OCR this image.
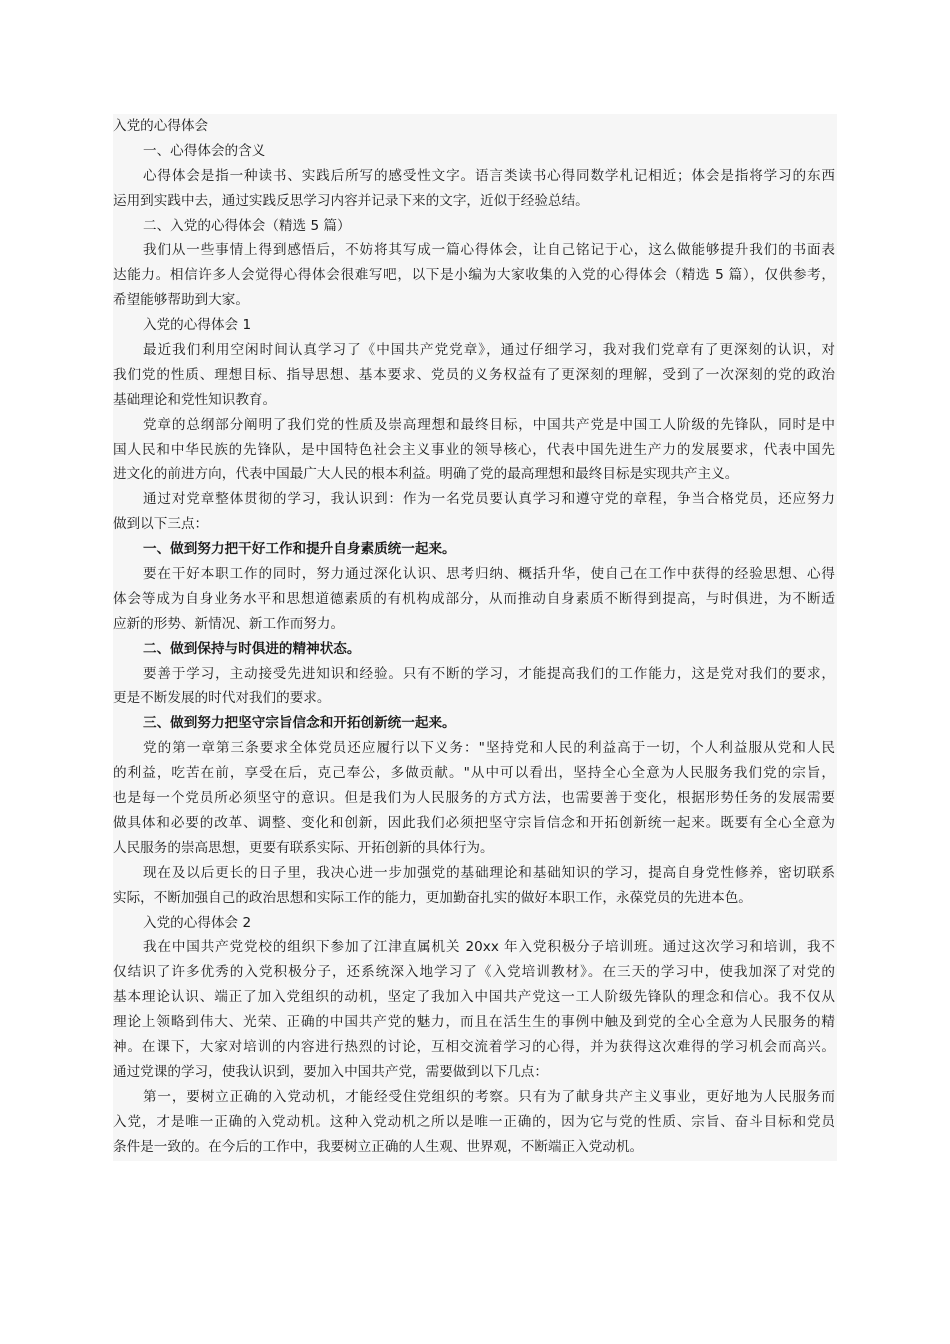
入党的心得体会
一、心得体会的含义
心得体会是指一种读书、实践后所写的感受性文字。语言类读书心得同数学札记相近；体会是指将学习的东西
运用到实践中去，通过实践反思学习内容并记录下来的文字，近似于经验总结。
二、入党的心得体会（精选 5 篇）
我们从一些事情上得到感悟后，不妨将其写成一篇心得体会，让自己铭记于心，这么做能够提升我们的书面表
达能力。相信许多人会觉得心得体会很难写吧，以下是小编为大家收集的入党的心得体会（精选 5 篇），仅供参考，
希望能够帮助到大家。
入党的心得体会 1
最近我们利用空闲时间认真学习了《中国共产党党章》，通过仔细学习，我对我们党章有了更深刻的认识，对
我们党的性质、理想目标、指导思想、基本要求、党员的义务权益有了更深刻的理解，受到了一次深刻的党的政治
基础理论和党性知识教育。
党章的总纲部分阐明了我们党的性质及崇高理想和最终目标，中国共产党是中国工人阶级的先锋队，同时是中
国人民和中华民族的先锋队，是中国特色社会主义事业的领导核心，代表中国先进生产力的发展要求，代表中国先
进文化的前进方向，代表中国最广大人民的根本利益。明确了党的最高理想和最终目标是实现共产主义。
通过对党章整体贯彻的学习，我认识到：作为一名党员要认真学习和遵守党的章程，争当合格党员，还应努力
做到以下三点：
一、做到努力把干好工作和提升自身素质统一起来。
要在干好本职工作的同时，努力通过深化认识、思考归纳、概括升华，使自己在工作中获得的经验思想、心得
体会等成为自身业务水平和思想道德素质的有机构成部分，从而推动自身素质不断得到提高，与时俱进，为不断适
应新的形势、新情况、新工作而努力。
二、做到保持与时俱进的精神状态。
要善于学习，主动接受先进知识和经验。只有不断的学习，才能提高我们的工作能力，这是党对我们的要求，
更是不断发展的时代对我们的要求。
三、做到努力把坚守宗旨信念和开拓创新统一起来。
党的第一章第三条要求全体党员还应履行以下义务："坚持党和人民的利益高于一切，个人利益服从党和人民
的利益，吃苦在前，享受在后，克己奉公，多做贡献。"从中可以看出，坚持全心全意为人民服务我们党的宗旨，
也是每一个党员所必须坚守的意识。但是我们为人民服务的方式方法，也需要善于变化，根据形势任务的发展需要
做具体和必要的改革、调整、变化和创新，因此我们必须把坚守宗旨信念和开拓创新统一起来。既要有全心全意为
人民服务的崇高思想，更要有联系实际、开拓创新的具体行为。
现在及以后更长的日子里，我决心进一步加强党的基础理论和基础知识的学习，提高自身党性修养，密切联系
实际，不断加强自己的政治思想和实际工作的能力，更加勤奋扎实的做好本职工作，永葆党员的先进本色。
入党的心得体会 2
我在中国共产党党校的组织下参加了江津直属机关 20xx 年入党积极分子培训班。通过这次学习和培训，我不
仅结识了许多优秀的入党积极分子，还系统深入地学习了《入党培训教材》。在三天的学习中，使我加深了对党的
基本理论认识、端正了加入党组织的动机，坚定了我加入中国共产党这一工人阶级先锋队的理念和信心。我不仅从
理论上领略到伟大、光荣、正确的中国共产党的魅力，而且在活生生的事例中触及到党的全心全意为人民服务的精
神。在课下，大家对培训的内容进行热烈的讨论，互相交流着学习的心得，并为获得这次难得的学习机会而高兴。
通过党课的学习，使我认识到，要加入中国共产党，需要做到以下几点：
第一，要树立正确的入党动机，才能经受住党组织的考察。只有为了献身共产主义事业，更好地为人民服务而
入党，才是唯一正确的入党动机。这种入党动机之所以是唯一正确的，因为它与党的性质、宗旨、奋斗目标和党员
条件是一致的。在今后的工作中，我要树立正确的人生观、世界观，不断端正入党动机。
